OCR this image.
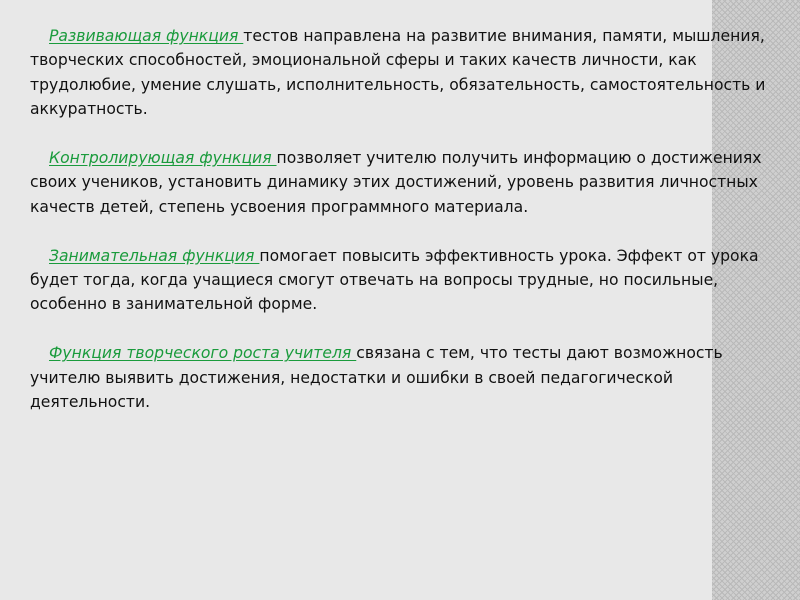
Развивающая функция тестов направлена на развитие внимания, памяти, мышления, творческих способностей, эмоциональной сферы и таких качеств личности, как трудолюбие, умение слушать, исполнительность, обязательность, самостоятельность и аккуратность.

Контролирующая функция позволяет учителю получить информацию о достижениях своих учеников, установить динамику этих достижений, уровень развития личностных качеств детей, степень усвоения программного материала.

Занимательная функция помогает повысить эффективность урока. Эффект от урока будет тогда, когда учащиеся смогут отвечать на вопросы трудные, но посильные, особенно в занимательной форме.

Функция творческого роста учителя связана с тем, что тесты дают возможность учителю выявить достижения, недостатки и ошибки в своей педагогической деятельности.
